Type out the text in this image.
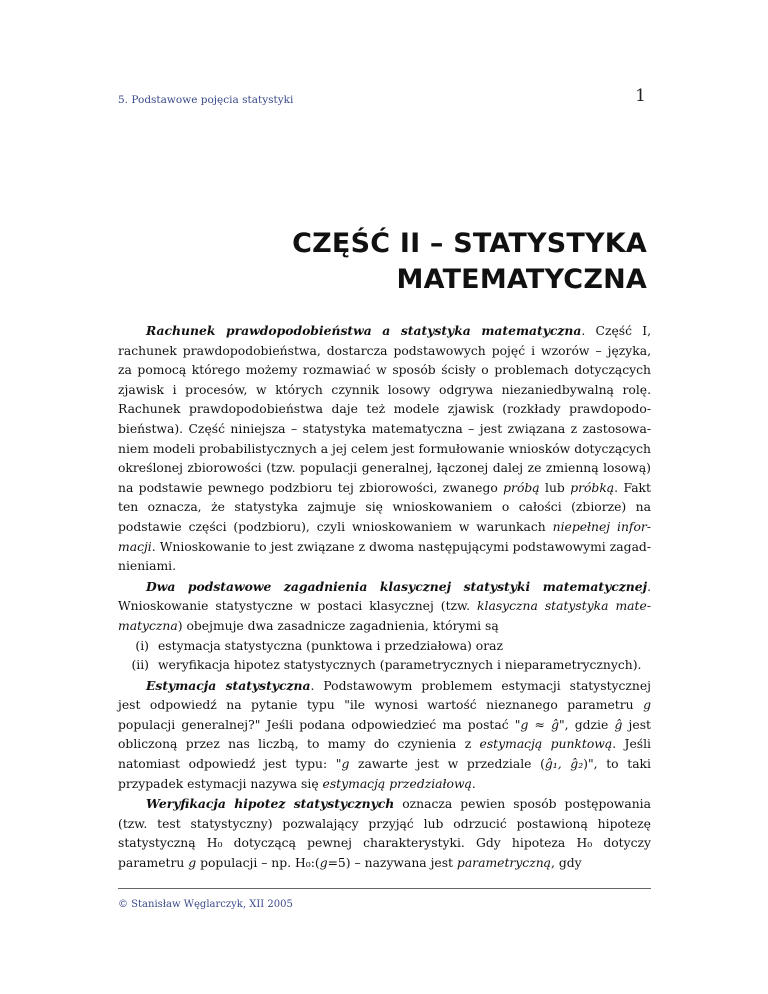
5. Podstawowe pojęcia statystyki	1
CZĘŚĆ II – STATYSTYKA
MATEMATYCZNA

Rachunek prawdopodobieństwa a statystyka matematyczna. Część I, rachunek prawdopodobieństwa, dostarcza podstawowych pojęć i wzorów – języka, za pomocą którego możemy rozmawiać w sposób ścisły o problemach dotyczących zjawisk i procesów, w których czynnik losowy odgrywa niezaniedbywalną rolę. Rachunek prawdopodobieństwa daje też modele zjawisk (rozkłady prawdopodobieństwa). Część niniejsza – statystyka matematyczna – jest związana z zastosowaniem modeli probabilistycznych a jej celem jest formułowanie wniosków dotyczących określonej zbiorowości (tzw. populacji generalnej, łączonej dalej ze zmienną losową) na podstawie pewnego podzbioru tej zbiorowości, zwanego próbą lub próbką. Fakt ten oznacza, że statystyka zajmuje się wnioskowaniem o całości (zbiorze) na podstawie części (podzbioru), czyli wnioskowaniem w warunkach niepełnej informacji. Wnioskowanie to jest związane z dwoma następującymi podstawowymi zagadnieniami.

Dwa podstawowe zagadnienia klasycznej statystyki matematycznej. Wnioskowanie statystyczne w postaci klasycznej (tzw. klasyczna statystyka matematyczna) obejmuje dwa zasadnicze zagadnienia, którymi są

(i) estymacja statystyczna (punktowa i przedziałowa) oraz

(ii) weryfikacja hipotez statystycznych (parametrycznych i nieparametrycznych).

Estymacja statystyczna. Podstawowym problemem estymacji statystycznej jest odpowiedź na pytanie typu "ile wynosi wartość nieznanego parametru g populacji generalnej?" Jeśli podana odpowiedzieć ma postać "g ≈ ĝ", gdzie ĝ jest obliczoną przez nas liczbą, to mamy do czynienia z estymacją punktową. Jeśli natomiast odpowiedź jest typu: "g zawarte jest w przedziale (ĝ₁, ĝ₂)", to taki przypadek estymacji nazywa się estymacją przedziałową.

Weryfikacja hipotez statystycznych oznacza pewien sposób postępowania (tzw. test statystyczny) pozwalający przyjąć lub odrzucić postawioną hipotezę statystyczną H₀ dotyczącą pewnej charakterystyki. Gdy hipoteza H₀ dotyczy parametru g populacji – np. H₀:(g=5) – nazywana jest parametryczną, gdy

© Stanisław Węglarczyk, XII 2005
